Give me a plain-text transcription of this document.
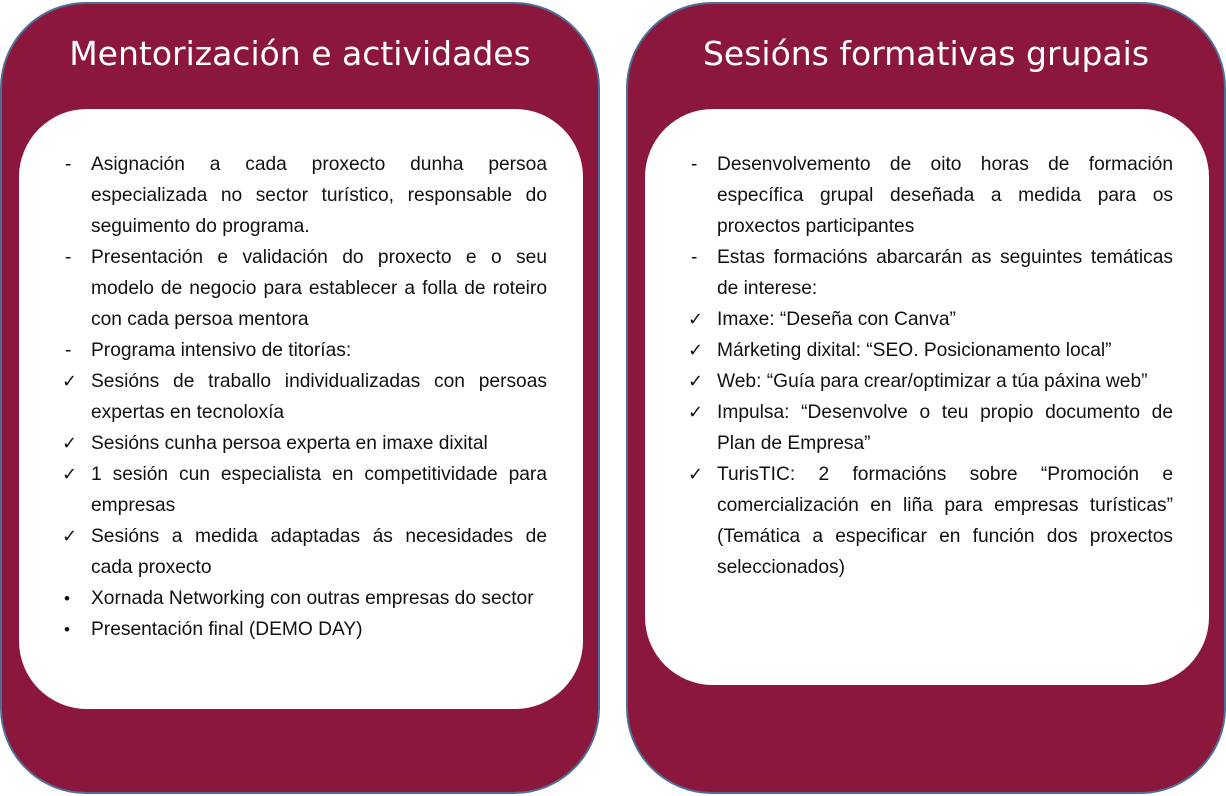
Mentorización e actividades
-	Asignación a cada proxecto dunha persoa especializada no sector turístico, responsable do seguimento do programa.
-	Presentación e validación do proxecto e o seu modelo de negocio para establecer a folla de roteiro con cada persoa mentora
-	Programa intensivo de titorías:
✓ Sesións de traballo individualizadas con persoas expertas en tecnoloxía
✓ Sesións cunha persoa experta en imaxe dixital
✓ 1 sesión cun especialista en competitividade para empresas
✓ Sesións a medida adaptadas ás necesidades de cada proxecto
•	Xornada Networking con outras empresas do sector
•	Presentación final (DEMO DAY)
Sesións formativas grupais
-	Desenvolvemento de oito horas de formación específica grupal deseñada a medida para os proxectos participantes
-	Estas formacións abarcarán as seguintes temáticas de interese:
✓ Imaxe: “Deseña con Canva”
✓ Márketing dixital: “SEO. Posicionamento local”
✓ Web: “Guía para crear/optimizar a túa páxina web”
✓ Impulsa: “Desenvolve o teu propio documento de Plan de Empresa”
✓ TurisTIC: 2 formacións sobre “Promoción e comercialización en liña para empresas turísticas” (Temática a especificar en función dos proxectos seleccionados)
